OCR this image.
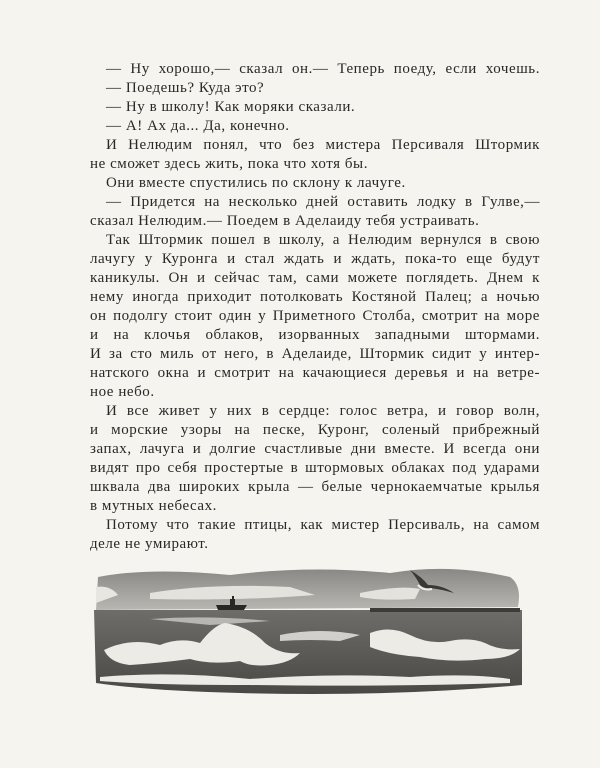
— Ну хорошо,— сказал он.— Теперь поеду, если хочешь.
— Поедешь? Куда это?
— Ну в школу! Как моряки сказали.
— А! Ах да... Да, конечно.
И Нелюдим понял, что без мистера Персиваля Штормик
не сможет здесь жить, пока что хотя бы.
Они вместе спустились по склону к лачуге.
— Придется на несколько дней оставить лодку в Гулве,—
сказал Нелюдим.— Поедем в Аделаиду тебя устраивать.
Так Штормик пошел в школу, а Нелюдим вернулся в свою
лачугу у Куронга и стал ждать и ждать, пока-то еще будут
каникулы. Он и сейчас там, сами можете поглядеть. Днем к
нему иногда приходит потолковать Костяной Палец; а ночью
он подолгу стоит один у Приметного Столба, смотрит на море
и на клочья облаков, изорванных западными штормами.
И за сто миль от него, в Аделаиде, Штормик сидит у интер-
натского окна и смотрит на качающиеся деревья и на ветре-
ное небо.
И все живет у них в сердце: голос ветра, и говор волн,
и морские узоры на песке, Куронг, соленый прибрежный
запах, лачуга и долгие счастливые дни вместе. И всегда они
видят про себя простертые в штормовых облаках под ударами
шквала два широких крыла — белые чернокаемчатые крылья
в мутных небесах.
Потому что такие птицы, как мистер Персиваль, на самом
деле не умирают.
